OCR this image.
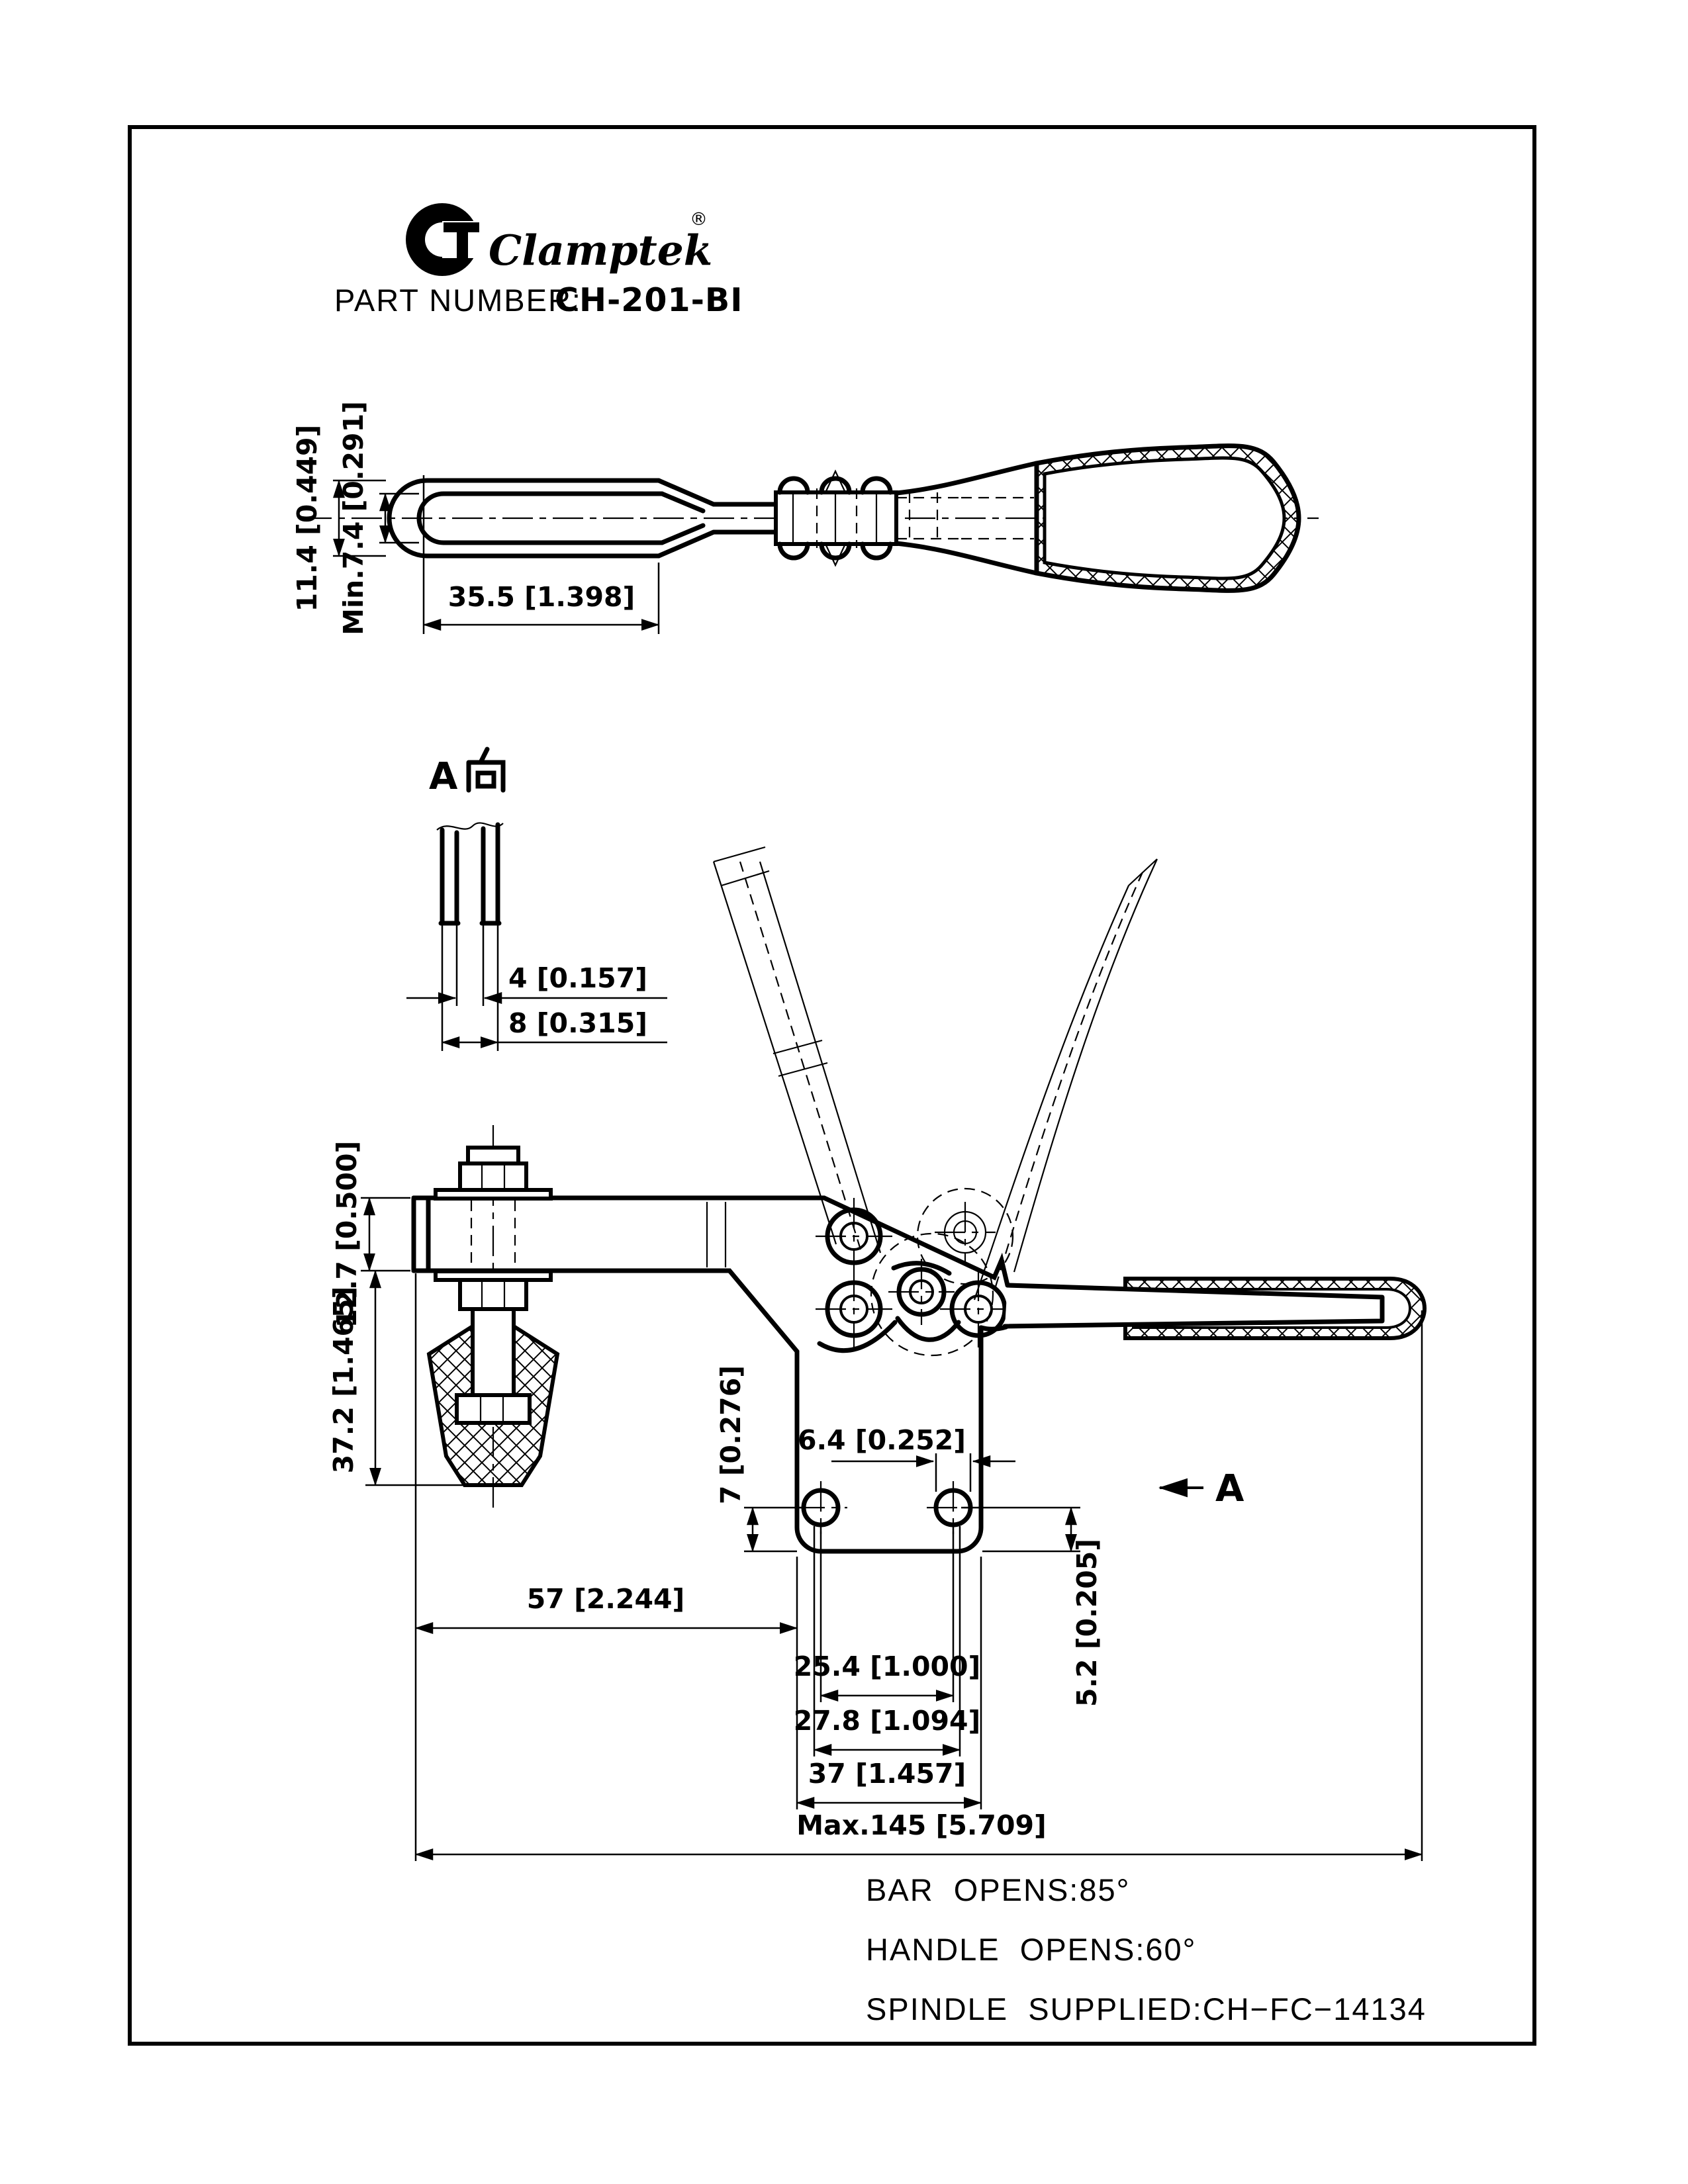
Clamptek
®
PART NUMBER:
CH-201-BI
11.4 [0.449] Min.7.4 [0.291]	35.5 [1.398]
A
4 [0.157]
8 [0.315]
A
12.7 [0.500]
37.2 [1.465]	7 [0.276] 6.4 [0.252]
5.2 [0.205]
57 [2.244]
25.4 [1.000]
27.8 [1.094]
37 [1.457]
Max.145 [5.709]
BAR  OPENS:85°
HANDLE  OPENS:60°
SPINDLE  SUPPLIED:CH−FC−14134
